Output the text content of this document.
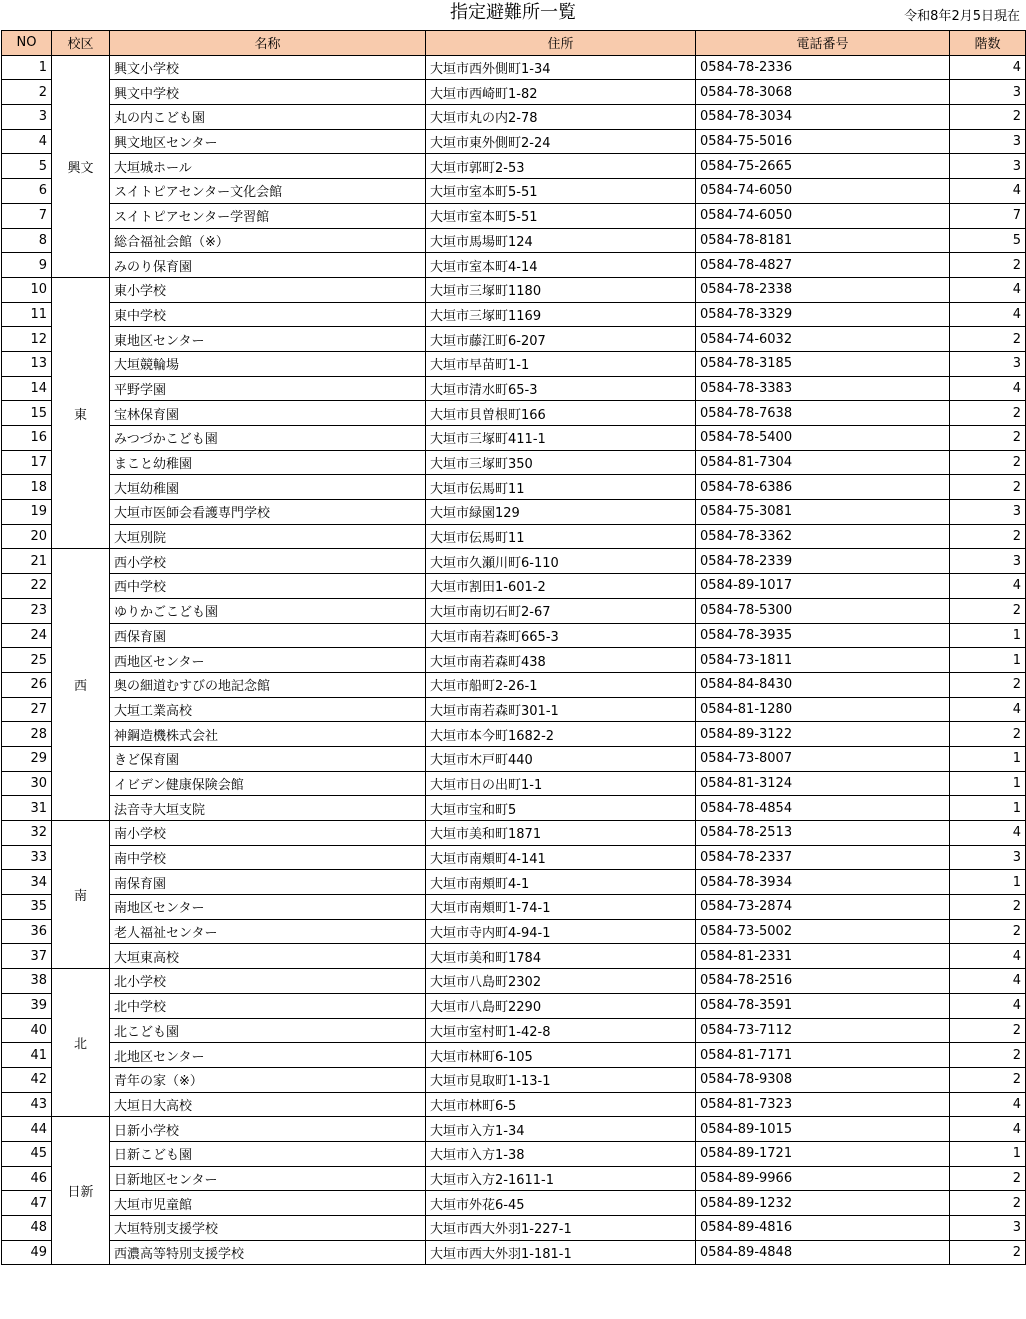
指定避難所一覧	令和8年2月5日現在
NO	校区	名称	住所	電話番号	階数
1	興文	興文小学校	大垣市西外側町1-34	0584-78-2336	4
2		興文中学校	大垣市西崎町1-82	0584-78-3068	3
3		丸の内こども園	大垣市丸の内2-78	0584-78-3034	2
4		興文地区センター	大垣市東外側町2-24	0584-75-5016	3
5		大垣城ホール	大垣市郭町2-53	0584-75-2665	3
6		スイトピアセンター文化会館	大垣市室本町5-51	0584-74-6050	4
7		スイトピアセンター学習館	大垣市室本町5-51	0584-74-6050	7
8		総合福祉会館（※）	大垣市馬場町124	0584-78-8181	5
9		みのり保育園	大垣市室本町4-14	0584-78-4827	2
10	東	東小学校	大垣市三塚町1180	0584-78-2338	4
11		東中学校	大垣市三塚町1169	0584-78-3329	4
12		東地区センター	大垣市藤江町6-207	0584-74-6032	2
13		大垣競輪場	大垣市早苗町1-1	0584-78-3185	3
14		平野学園	大垣市清水町65-3	0584-78-3383	4
15		宝林保育園	大垣市貝曽根町166	0584-78-7638	2
16		みつづかこども園	大垣市三塚町411-1	0584-78-5400	2
17		まこと幼稚園	大垣市三塚町350	0584-81-7304	2
18		大垣幼稚園	大垣市伝馬町11	0584-78-6386	2
19		大垣市医師会看護専門学校	大垣市緑園129	0584-75-3081	3
20		大垣別院	大垣市伝馬町11	0584-78-3362	2
21	西	西小学校	大垣市久瀬川町6-110	0584-78-2339	3
22		西中学校	大垣市割田1-601-2	0584-89-1017	4
23		ゆりかごこども園	大垣市南切石町2-67	0584-78-5300	2
24		西保育園	大垣市南若森町665-3	0584-78-3935	1
25		西地区センター	大垣市南若森町438	0584-73-1811	1
26		奥の細道むすびの地記念館	大垣市船町2-26-1	0584-84-8430	2
27		大垣工業高校	大垣市南若森町301-1	0584-81-1280	4
28		神鋼造機株式会社	大垣市本今町1682-2	0584-89-3122	2
29		きど保育園	大垣市木戸町440	0584-73-8007	1
30		イビデン健康保険会館	大垣市日の出町1-1	0584-81-3124	1
31		法音寺大垣支院	大垣市宝和町5	0584-78-4854	1
32	南	南小学校	大垣市美和町1871	0584-78-2513	4
33		南中学校	大垣市南頬町4-141	0584-78-2337	3
34		南保育園	大垣市南頬町4-1	0584-78-3934	1
35		南地区センター	大垣市南頬町1-74-1	0584-73-2874	2
36		老人福祉センター	大垣市寺内町4-94-1	0584-73-5002	2
37		大垣東高校	大垣市美和町1784	0584-81-2331	4
38	北	北小学校	大垣市八島町2302	0584-78-2516	4
39		北中学校	大垣市八島町2290	0584-78-3591	4
40		北こども園	大垣市室村町1-42-8	0584-73-7112	2
41		北地区センター	大垣市林町6-105	0584-81-7171	2
42		青年の家（※）	大垣市見取町1-13-1	0584-78-9308	2
43		大垣日大高校	大垣市林町6-5	0584-81-7323	4
44	日新	日新小学校	大垣市入方1-34	0584-89-1015	4
45		日新こども園	大垣市入方1-38	0584-89-1721	1
46		日新地区センター	大垣市入方2-1611-1	0584-89-9966	2
47		大垣市児童館	大垣市外花6-45	0584-89-1232	2
48		大垣特別支援学校	大垣市西大外羽1-227-1	0584-89-4816	3
49		西濃高等特別支援学校	大垣市西大外羽1-181-1	0584-89-4848	2
